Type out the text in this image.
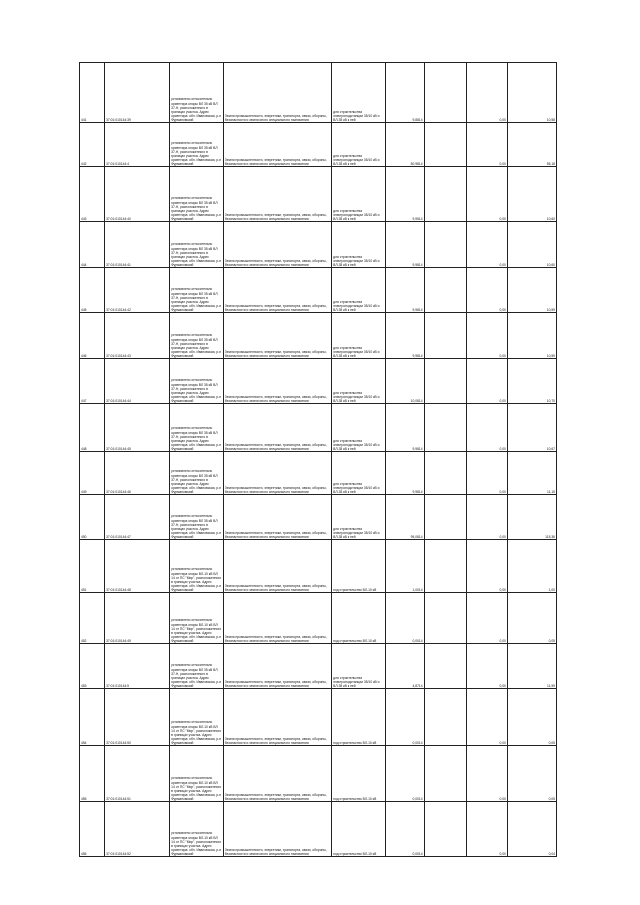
441	37:01:010144:39	установлено относительно ориентира опоры ВЛ 35 кВ ВЛ 37-Н, расположенного в границах участка. Адрес ориентира: обл. Ивановская, р-н Фурмановский	Земли промышленности, энергетики, транспорта, связи, обороны, безопасности и земли иного специального назначения	для строительства электроподстанции 35/10 кВ и ВЛ-35 кВ к ней	9,8814		0,00	10,58
442	37:01:010144:4	установлено относительно ориентира опоры ВЛ 35 кВ ВЛ 37-Н, расположенного в границах участка. Адрес ориентира: обл. Ивановская, р-н Фурмановский	Земли промышленности, энергетики, транспорта, связи, обороны, безопасности и земли иного специального назначения	для строительства электроподстанции 35/10 кВ и ВЛ-35 кВ к ней	50,9814		0,00	55,18
443	37:01:010144:40	установлено относительно ориентира опоры ВЛ 35 кВ ВЛ 37-Н, расположенного в границах участка. Адрес ориентира: обл. Ивановская, р-н Фурмановский	Земли промышленности, энергетики, транспорта, связи, обороны, безопасности и земли иного специального назначения	для строительства электроподстанции 35/10 кВ и ВЛ-35 кВ к ней	9,9514		0,00	10,60
444	37:01:010144:41	установлено относительно ориентира опоры ВЛ 35 кВ ВЛ 37-Н, расположенного в границах участка. Адрес ориентира: обл. Ивановская, р-н Фурмановский	Земли промышленности, энергетики, транспорта, связи, обороны, безопасности и земли иного специального назначения	для строительства электроподстанции 35/10 кВ и ВЛ-35 кВ к ней	9,9814		0,00	10,60
445	37:01:010144:42	установлено относительно ориентира опоры ВЛ 35 кВ ВЛ 37-Н, расположенного в границах участка. Адрес ориентира: обл. Ивановская, р-н Фурмановский	Земли промышленности, энергетики, транспорта, связи, обороны, безопасности и земли иного специального назначения	для строительства электроподстанции 35/10 кВ и ВЛ-35 кВ к ней	9,9814		0,00	10,59
446	37:01:010144:43	установлено относительно ориентира опоры ВЛ 35 кВ ВЛ 37-Н, расположенного в границах участка. Адрес ориентира: обл. Ивановская, р-н Фурмановский	Земли промышленности, энергетики, транспорта, связи, обороны, безопасности и земли иного специального назначения	для строительства электроподстанции 35/10 кВ и ВЛ-35 кВ к ней	9,9814		0,00	10,59
447	37:01:010144:44	установлено относительно ориентира опоры ВЛ 35 кВ ВЛ 37-Н, расположенного в границах участка. Адрес ориентира: обл. Ивановская, р-н Фурмановский	Земли промышленности, энергетики, транспорта, связи, обороны, безопасности и земли иного специального назначения	для строительства электроподстанции 35/10 кВ и ВЛ-35 кВ к ней	10,0814		0,00	10,70
448	37:01:010144:45	установлено относительно ориентира опоры ВЛ 35 кВ ВЛ 37-Н, расположенного в границах участка. Адрес ориентира: обл. Ивановская, р-н Фурмановский	Земли промышленности, энергетики, транспорта, связи, обороны, безопасности и земли иного специального назначения	для строительства электроподстанции 35/10 кВ и ВЛ-35 кВ к ней	9,9814		0,00	10,67
449	37:01:010144:46	установлено относительно ориентира опоры ВЛ 35 кВ ВЛ 37-Н, расположенного в границах участка. Адрес ориентира: обл. Ивановская, р-н Фурмановский	Земли промышленности, энергетики, транспорта, связи, обороны, безопасности и земли иного специального назначения	для строительства электроподстанции 35/10 кВ и ВЛ-35 кВ к ней	9,9814		0,00	11,15
450	37:01:010144:47	установлено относительно ориентира опоры ВЛ 35 кВ ВЛ 37-Н, расположенного в границах участка. Адрес ориентира: обл. Ивановская, р-н Фурмановский	Земли промышленности, энергетики, транспорта, связи, обороны, безопасности и земли иного специального назначения	для строительства электроподстанции 35/10 кВ и ВЛ-35 кВ к ней	95,0814		0,00	115,36
451	37:01:010144:48	установлено относительно ориентира опоры ВЛ-10 кВ ВЛ 14 от ПС "Мир", расположенного в границах участка. Адрес ориентира: обл. Ивановская, р-н Фурмановский	Земли промышленности, энергетики, транспорта, связи, обороны, безопасности и земли иного специального назначения	под строительство ВЛ-10 кВ	1,0014		0,00	1,00
452	37:01:010144:49	установлено относительно ориентира опоры ВЛ-10 кВ ВЛ 14 от ПС "Мир", расположенного в границах участка. Адрес ориентира: обл. Ивановская, р-н Фурмановский	Земли промышленности, энергетики, транспорта, связи, обороны, безопасности и земли иного специального назначения	под строительство ВЛ-10 кВ	0,0014		0,00	0,05
453	37:01:010144:5	установлено относительно ориентира опоры ВЛ 35 кВ ВЛ 37-Н, расположенного в границах участка. Адрес ориентира: обл. Ивановская, р-н Фурмановский	Земли промышленности, энергетики, транспорта, связи, обороны, безопасности и земли иного специального назначения	для строительства электроподстанции 35/10 кВ и ВЛ-35 кВ к ней	4,8714		0,00	11,59
454	37:01:010144:50	установлено относительно ориентира опоры ВЛ-10 кВ ВЛ 14 от ПС "Мир", расположенного в границах участка. Адрес ориентира: обл. Ивановская, р-н Фурмановский	Земли промышленности, энергетики, транспорта, связи, обороны, безопасности и земли иного специального назначения	под строительство ВЛ-10 кВ	0,0014		0,00	0,05
455	37:01:010144:51	установлено относительно ориентира опоры ВЛ-10 кВ ВЛ 14 от ПС "Мир", расположенного в границах участка. Адрес ориентира: обл. Ивановская, р-н Фурмановский	Земли промышленности, энергетики, транспорта, связи, обороны, безопасности и земли иного специального назначения	под строительство ВЛ-10 кВ	0,0014		0,00	0,05
456	37:01:010144:52	установлено относительно ориентира опоры ВЛ-10 кВ ВЛ 14 от ПС "Мир", расположенного в границах участка. Адрес ориентира: обл. Ивановская, р-н Фурмановский	Земли промышленности, энергетики, транспорта, связи, обороны, безопасности и земли иного специального назначения	под строительство ВЛ-10 кВ	0,0014		0,00	0,04
